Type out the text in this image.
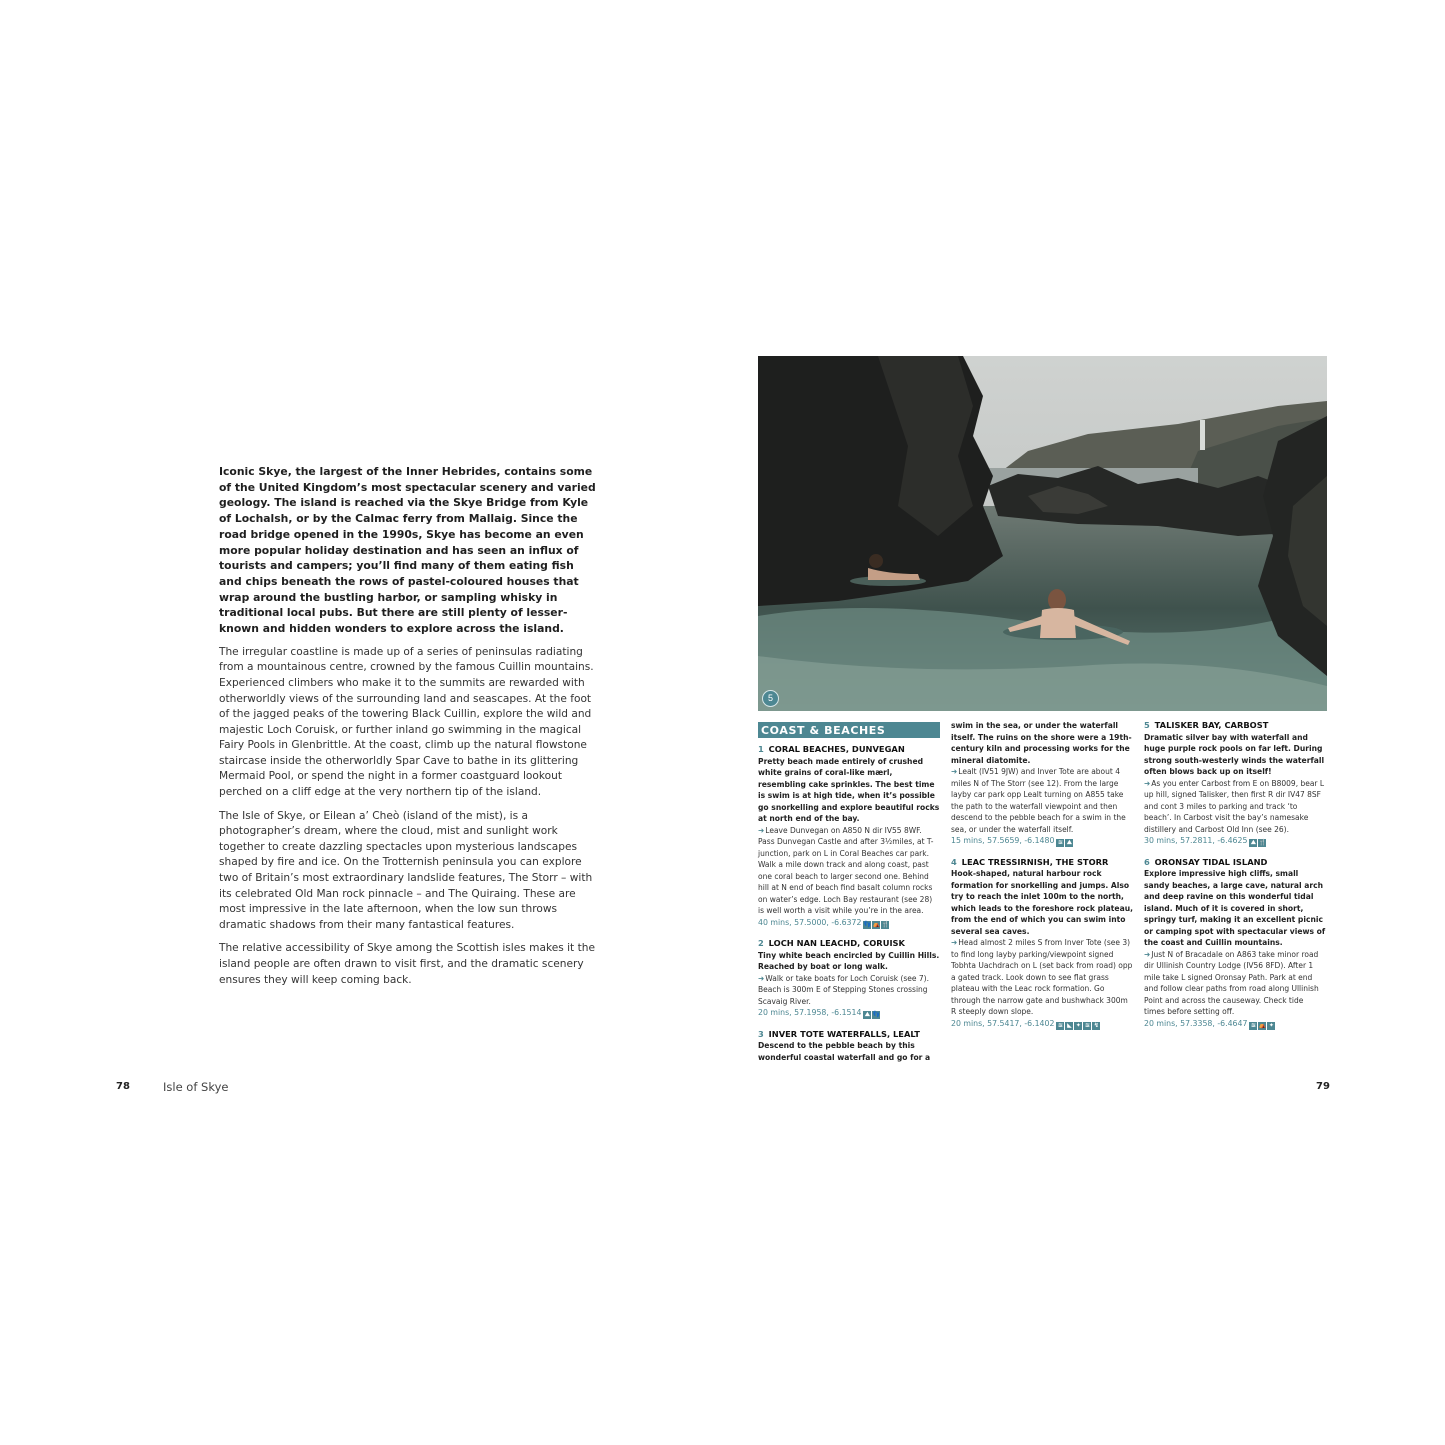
Iconic Skye, the largest of the Inner Hebrides, contains some of the United Kingdom’s most spectacular scenery and varied geology. The island is reached via the Skye Bridge from Kyle of Lochalsh, or by the Calmac ferry from Mallaig. Since the road bridge opened in the 1990s, Skye has become an even more popular holiday destination and has seen an influx of tourists and campers; you’ll find many of them eating fish and chips beneath the rows of pastel-coloured houses that wrap around the bustling harbor, or sampling whisky in traditional local pubs. But there are still plenty of lesser-known and hidden wonders to explore across the island.

The irregular coastline is made up of a series of peninsulas radiating from a mountainous centre, crowned by the famous Cuillin mountains. Experienced climbers who make it to the summits are rewarded with otherworldly views of the surrounding land and seascapes. At the foot of the jagged peaks of the towering Black Cuillin, explore the wild and majestic Loch Coruisk, or further inland go swimming in the magical Fairy Pools in Glenbrittle. At the coast, climb up the natural flowstone staircase inside the otherworldly Spar Cave to bathe in its glittering Mermaid Pool, or spend the night in a former coastguard lookout perched on a cliff edge at the very northern tip of the island.

The Isle of Skye, or Eilean a’ Cheò (island of the mist), is a photographer’s dream, where the cloud, mist and sunlight work together to create dazzling spectacles upon mysterious landscapes shaped by fire and ice. On the Trotternish peninsula you can explore two of Britain’s most extraordinary landslide features, The Storr – with its celebrated Old Man rock pinnacle – and The Quiraing. These are most impressive in the late afternoon, when the low sun throws dramatic shadows from their many fantastical features.

The relative accessibility of Skye among the Scottish isles makes it the island people are often drawn to visit first, and the dramatic scenery ensures they will keep coming back.

78	Isle of Skye
5
COAST & BEACHES
1 CORAL BEACHES, DUNVEGAN
Pretty beach made entirely of crushed white grains of coral-like mærl, resembling cake sprinkles. The best time is swim is at high tide, when it’s possible go snorkelling and explore beautiful rocks at north end of the bay.
➜Leave Dunvegan on A850 N dir IV55 8WF. Pass Dunvegan Castle and after 3½miles, at T-junction, park on L in Coral Beaches car park. Walk a mile down track and along coast, past one coral beach to larger second one. Behind hill at N end of beach find basalt column rocks on water’s edge. Loch Bay restaurant (see 28) is well worth a visit while you’re in the area.
40 mins, 57.5000, -6.6372 👣 ⛺ 🍴
2 LOCH NAN LEACHD, CORUISK
Tiny white beach encircled by Cuillin Hills. Reached by boat or long walk.
➜Walk or take boats for Loch Coruisk (see 7). Beach is 300m E of Stepping Stones crossing Scavaig River.
20 mins, 57.1958, -6.1514 ⛰ 👣
3 INVER TOTE WATERFALLS, LEALT
Descend to the pebble beach by this wonderful coastal waterfall and go for a
swim in the sea, or under the waterfall itself. The ruins on the shore were a 19th-century kiln and processing works for the mineral diatomite.
➜Lealt (IV51 9JW) and Inver Tote are about 4 miles N of The Storr (see 12). From the large layby car park opp Lealt turning on A855 take the path to the waterfall viewpoint and then descend to the pebble beach for a swim in the sea, or under the waterfall itself.
15 mins, 57.5659, -6.1480 ≋ ⛰
4 LEAC TRESSIRNISH, THE STORR
Hook-shaped, natural harbour rock formation for snorkelling and jumps. Also try to reach the inlet 100m to the north, which leads to the foreshore rock plateau, from the end of which you can swim into several sea caves.
➜Head almost 2 miles S from Inver Tote (see 3) to find long layby parking/viewpoint signed Tobhta Uachdrach on L (set back from road) opp a gated track. Look down to see flat grass plateau with the Leac rock formation. Go through the narrow gate and bushwhack 300m R steeply down slope.
20 mins, 57.5417, -6.1402 ≋ ◣ ✦ ≋ ↯
5 TALISKER BAY, CARBOST
Dramatic silver bay with waterfall and huge purple rock pools on far left. During strong south-westerly winds the waterfall often blows back up on itself!
➜As you enter Carbost from E on B8009, bear L up hill, signed Talisker, then first R dir IV47 8SF and cont 3 miles to parking and track ‘to beach’. In Carbost visit the bay’s namesake distillery and Carbost Old Inn (see 26).
30 mins, 57.2811, -6.4625 ⛰ 🍴
6 ORONSAY TIDAL ISLAND
Explore impressive high cliffs, small sandy beaches, a large cave, natural arch and deep ravine on this wonderful tidal island. Much of it is covered in short, springy turf, making it an excellent picnic or camping spot with spectacular views of the coast and Cuillin mountains.
➜Just N of Bracadale on A863 take minor road dir Ullinish Country Lodge (IV56 8FD). After 1 mile take L signed Oronsay Path. Park at end and follow clear paths from road along Ullinish Point and across the causeway. Check tide times before setting off.
20 mins, 57.3358, -6.4647 ≋ ⛺ ✦
79
